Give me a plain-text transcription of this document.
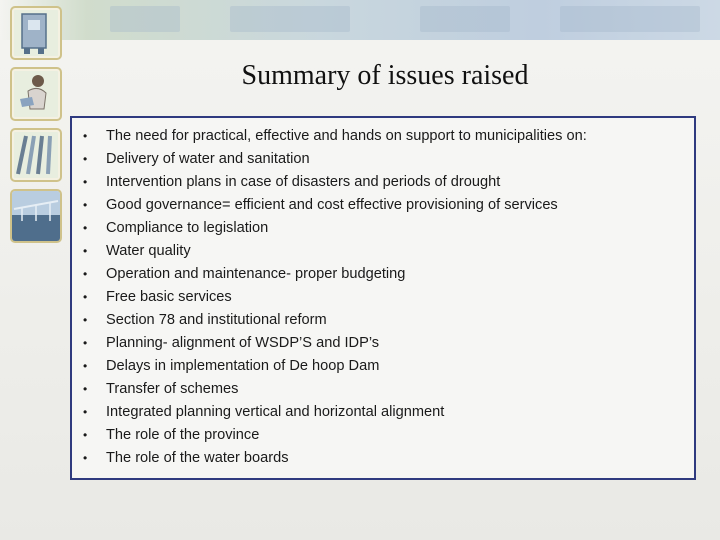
Summary of issues raised
• The need for practical, effective and hands on support to municipalities on:
• Delivery of water and sanitation
• Intervention plans in case of disasters and periods of drought
• Good governance= efficient and cost effective provisioning of services
• Compliance to legislation
• Water quality
• Operation and maintenance- proper budgeting
• Free basic services
• Section 78 and institutional reform
• Planning- alignment of WSDP’S and IDP’s
• Delays in implementation of De hoop Dam
• Transfer of schemes
• Integrated planning vertical and horizontal alignment
• The role of the province
• The role of the water boards
